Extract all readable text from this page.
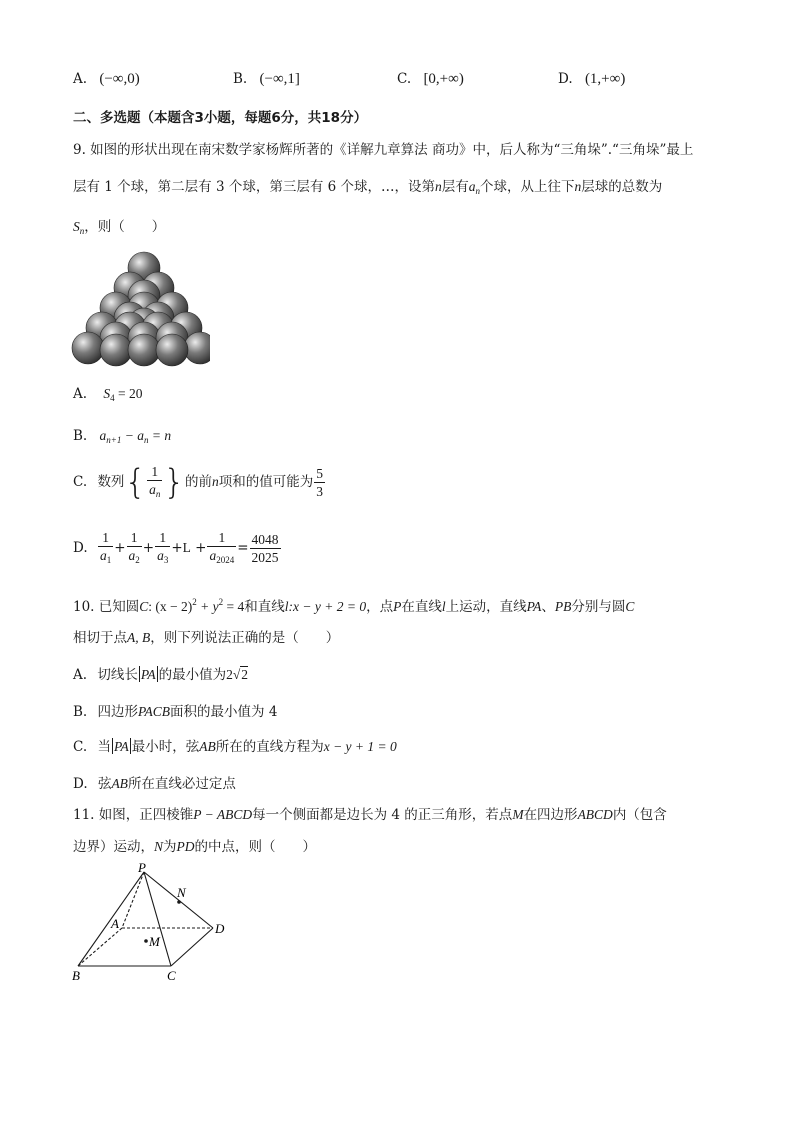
A. (−∞,0)	B. (−∞,1]	C. [0,+∞)	D. (1,+∞)
二、多选题（本题含3小题，每题6分，共18分）
9. 如图的形状出现在南宋数学家杨辉所著的《详解九章算法 商功》中，后人称为“三角垛”.“三角垛”最上
层有 1 个球，第二层有 3 个球，第三层有 6 个球，…，设第n层有$a_n$个球，从上往下n层球的总数为
$S_n$，则（　　）
A. $S_4 = 20$
B. $a_{n+1} - a_n = n$
C. 数列{ $\frac{1}{a_n}$ }的前n项和的值可能为 $\frac{5}{3}$
D. $\frac{1}{a_1} + \frac{1}{a_2} + \frac{1}{a_3} +L + \frac{1}{a_{2024}} = \frac{4048}{2025}$
10. 已知圆C: $(x - 2)^2 + y^2 = 4$和直线l:x − y + 2 = 0，点P在直线l上运动，直线PA、PB分别与圆C
相切于点A, B，则下列说法正确的是（　　）
A. 切线长 PA 的最小值为2√2
B. 四边形PACB面积的最小值为 4
C. 当 PA 最小时，弦AB所在的直线方程为x − y + 1 = 0
D. 弦AB所在直线必过定点
11. 如图，正四棱锥P − ABCD每一个侧面都是边长为 4 的正三角形，若点M在四边形ABCD内（包含
边界）运动，N为PD的中点，则（　　）
P
N
A	D
M
B	C
